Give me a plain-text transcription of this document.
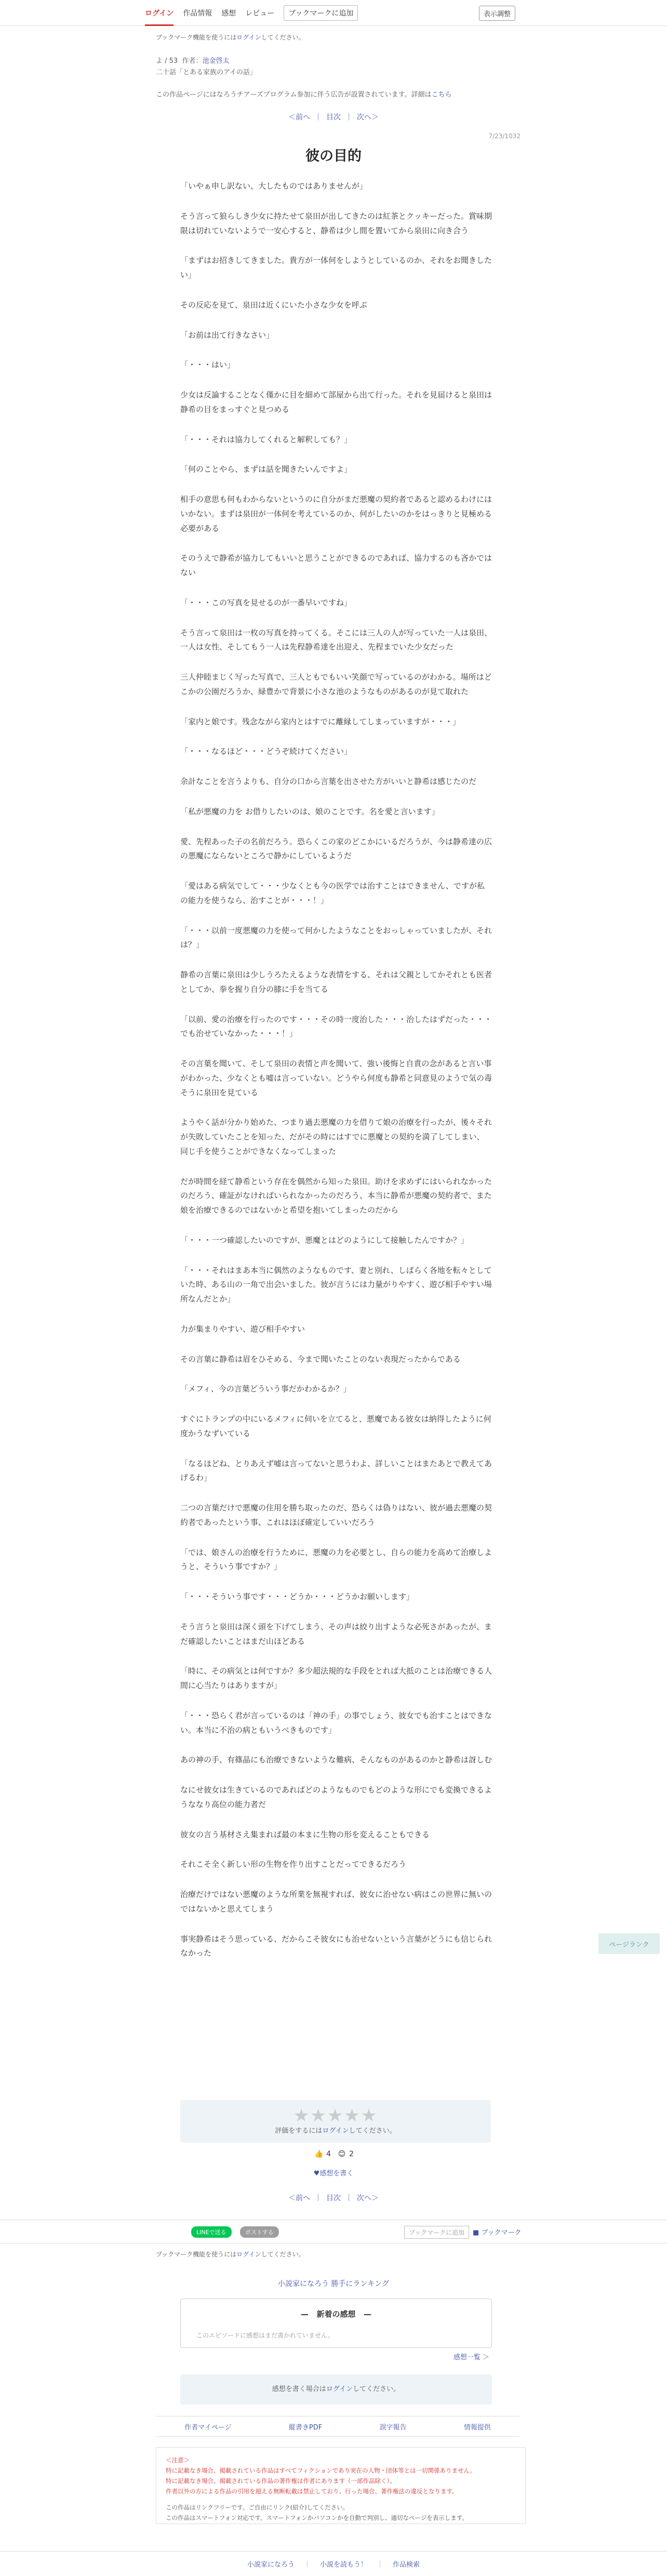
ログイン 作品情報 感想 レビュー	ブックマークに追加	表示調整
ブックマーク機能を使うにはログインしてください。
よ / 53 作者：池金啓太
二十話「とある家族のアイの話」
この作品ページにはなろうチアーズプログラム参加に伴う広告が設置されています。詳細はこちら
＜前へ ｜ 目次 ｜ 次へ＞
7/23/1032
彼の目的

「いやぁ申し訳ない、大したものではありませんが」

そう言って狼らしき少女に持たせて泉田が出してきたのは紅茶とクッキーだった。賞味期限は切れていないようで一安心すると、静希は少し間を置いてから泉田に向き合う

「まずはお招きしてきました。貴方が一体何をしようとしているのか、それをお聞きしたい」

その反応を見て、泉田は近くにいた小さな少女を呼ぶ

「お前は出て行きなさい」

「・・・はい」

少女は反論することなく僅かに目を細めて部屋から出て行った。それを見届けると泉田は静希の目をまっすぐと見つめる

「・・・それは協力してくれると解釈しても？」

「何のことやら、まずは話を聞きたいんですよ」

相手の意思も何もわからないというのに自分がまだ悪魔の契約者であると認めるわけにはいかない。まずは泉田が一体何を考えているのか、何がしたいのかをはっきりと見極める必要がある

そのうえで静希が協力してもいいと思うことができるのであれば、協力するのも吝かではない

「・・・この写真を見せるのが一番早いですね」

そう言って泉田は一枚の写真を持ってくる。そこには三人の人が写っていた一人は泉田、一人は女性、そしてもう一人は先程静希達を出迎え、先程までいた少女だった

三人仲睦まじく写った写真で、三人ともでもいい笑顔で写っているのがわかる。場所はどこかの公園だろうか、緑豊かで背景に小さな池のようなものがあるのが見て取れた

「家内と娘です。残念ながら家内とはすでに離縁してしまっていますが・・・」

「・・・なるほど・・・どうぞ続けてください」

余計なことを言うよりも、自分の口から言葉を出させた方がいいと静希は感じたのだ

「私が悪魔の力を お借りしたいのは、娘のことです。名を愛と言います」

愛、先程あった子の名前だろう。恐らくこの家のどこかにいるだろうが、今は静希達の広の悪魔にならないところで静かにしているようだ

「愛はある病気でして・・・少なくとも今の医学では治すことはできません、ですが私の能力を使うなら、治すことが・・・！」

「・・・以前一度悪魔の力を使って何かしたようなことをおっしゃっていましたが、それは？」

静希の言葉に泉田は少しうろたえるような表情をする、それは父親としてかそれとも医者としてか、拳を握り自分の膝に手を当てる

「以前、愛の治療を行ったのです・・・その時一度治した・・・治したはずだった・・・でも治せていなかった・・・！」

その言葉を聞いて、そして泉田の表情と声を聞いて、強い後悔と自責の念があると言い事がわかった、少なくとも嘘は言っていない。どうやら何度も静希と同意見のようで気の毒そうに泉田を見ている

ようやく話が分かり始めた、つまり過去悪魔の力を借りて娘の治療を行ったが、後々それが失敗していたことを知った、だがその時にはすでに悪魔との契約を満了してしまい、同じ手を使うことができなくなってしまった

だが時間を経て静希という存在を偶然から知った泉田。助けを求めずにはいられなかったのだろう、確証がなければいられなかったのだろう、本当に静希が悪魔の契約者で、また娘を治療できるのではないかと希望を抱いてしまったのだから

「・・・一つ確認したいのですが、悪魔とはどのようにして接触したんですか？」

「・・・それはまあ本当に偶然のようなものです、妻と別れ、しばらく各地を転々としていた時、ある山の一角で出会いました。彼が言うには力量がりやすく、遊び相手やすい場所なんだとか」

力が集まりやすい、遊び相手やすい

その言葉に静希は眉をひそめる、今まで聞いたことのない表現だったからである

「メフィ、今の言葉どういう事だかわかるか？」

すぐにトランプの中にいるメフィに伺いを立てると、悪魔である彼女は納得したように何度かうなずいている

「なるほどね、とりあえず嘘は言ってないと思うわよ、詳しいことはまたあとで教えてあげるわ」

二つの言葉だけで悪魔の住用を勝ち取ったのだ、恐らくは偽りはない、彼が過去悪魔の契約者であったという事、これはほぼ確定していいだろう

「では、娘さんの治療を行うために、悪魔の力を必要とし、自らの能力を高めて治療しようと、そういう事ですか？」

「・・・そういう事です・・・どうか・・・どうかお願いします」

そう言うと泉田は深く頭を下げてしまう、その声は絞り出すような必死さがあったが、まだ確認したいことはまだ山ほどある

「時に、その病気とは何ですか？多少超法規的な手段をとれば大抵のことは治療できる人間に心当たりはありますが」

「・・・恐らく君が言っているのは「神の手」の事でしょう、彼女でも治すことはできない。本当に不治の病ともいうべきものです」

あの神の手、有篠晶にも治療できないような難病、そんなものがあるのかと静希は訝しむ

なにせ彼女は生きているのであればどのようなものでもどのような形にでも変換できるようななり高位の能力者だ

彼女の言う基材さえ集まれば最の本まに生物の形を変えることもできる

それこそ全く新しい形の生物を作り出すことだってできるだろう

治療だけではない悪魔のような所業を無視すれば、彼女に治せない病はこの世界に無いのではないかと思えてしまう

事実静希はそう思っている、だからこそ彼女にも治せないという言葉がどうにも信じられなかった

ページランク
★★★★★
評価をするにはログインしてください。
👍 4 😊 2
♥感想を書く
＜前へ ｜ 目次 ｜ 次へ＞
LINEで送る	ポストする	ブックマークに追加	■ ブックマーク
ブックマーク機能を使うにはログインしてください。
小説家になろう 勝手にランキング
—   新着の感想   —
このエピソードに感想はまだ書かれていません。
感想一覧 ＞
感想を書く場合はログインしてください。
作者マイページ	縦書きPDF	誤字報告	情報提供
＜注意＞
特に記載なき場合、掲載されている作品はすべてフィクションであり実在の人物・団体等とは一切関係ありません。
特に記載なき場合、掲載されている作品の著作権は作者にあります（一部作品除く）。
作者以外の方による作品の引用を超える無断転載は禁止しており、行った場合、著作権法の違反となります。
この作品はリンクフリーです。ご自由にリンク(紹介)してください。
この作品はスマートフォン対応です。スマートフォンかパソコンかを自動で判別し、適切なページを表示します。
小説家になろう ｜ 小説を読もう！ ｜ 作品検索
